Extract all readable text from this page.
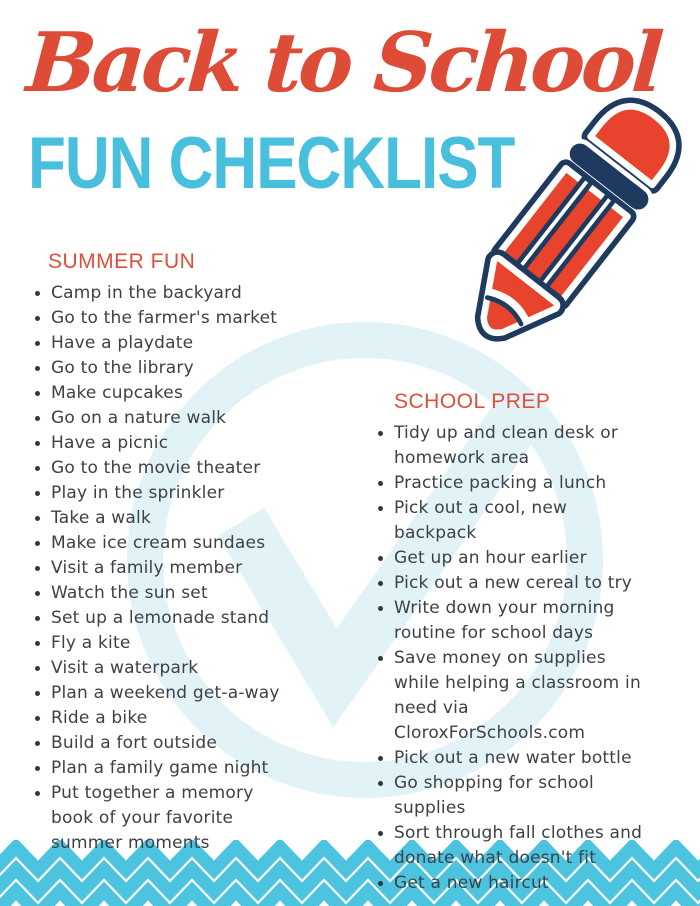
Back to School
FUN CHECKLIST
SUMMER FUN
Camp in the backyard
Go to the farmer's market
Have a playdate
Go to the library
Make cupcakes
Go on a nature walk
Have a picnic
Go to the movie theater
Play in the sprinkler
Take a walk
Make ice cream sundaes
Visit a family member
Watch the sun set
Set up a lemonade stand
Fly a kite
Visit a waterpark
Plan a weekend get-a-way
Ride a bike
Build a fort outside
Plan a family game night
Put together a memory book of your favorite summer moments
SCHOOL PREP
Tidy up and clean desk or homework area
Practice packing a lunch
Pick out a cool, new backpack
Get up an hour earlier
Pick out a new cereal to try
Write down your morning routine for school days
Save money on supplies while helping a classroom in need via CloroxForSchools.com
Pick out a new water bottle
Go shopping for school supplies
Sort through fall clothes and donate what doesn't fit
Get a new haircut
